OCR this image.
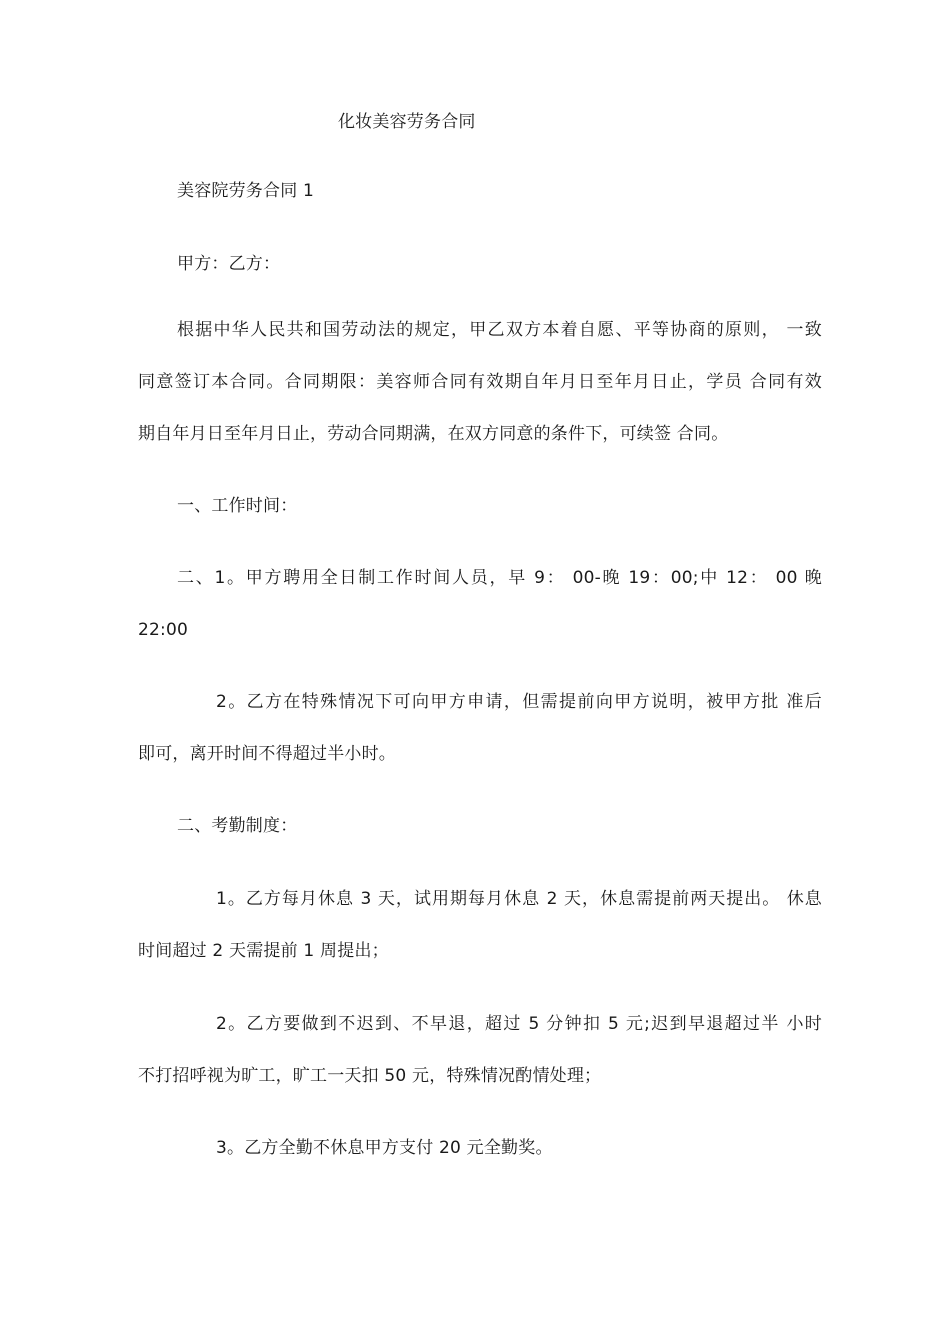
化妆美容劳务合同
美容院劳务合同 1
甲方：乙方：
根据中华人民共和国劳动法的规定，甲乙双方本着自愿、平等协商的原则， 一致
同意签订本合同。合同期限：美容师合同有效期自年月日至年月日止，学员 合同有效
期自年月日至年月日止，劳动合同期满，在双方同意的条件下，可续签 合同。
一、工作时间：
二、1。甲方聘用全日制工作时间人员，早 9： 00-晚 19：00;中 12： 00 晚
22:00
2。乙方在特殊情况下可向甲方申请，但需提前向甲方说明，被甲方批 准后
即可，离开时间不得超过半小时。
二、考勤制度：
1。乙方每月休息 3 天，试用期每月休息 2 天，休息需提前两天提出。 休息
时间超过 2 天需提前 1 周提出；
2。乙方要做到不迟到、不早退，超过 5 分钟扣 5 元;迟到早退超过半 小时
不打招呼视为旷工，旷工一天扣 50 元，特殊情况酌情处理；
3。乙方全勤不休息甲方支付 20 元全勤奖。
